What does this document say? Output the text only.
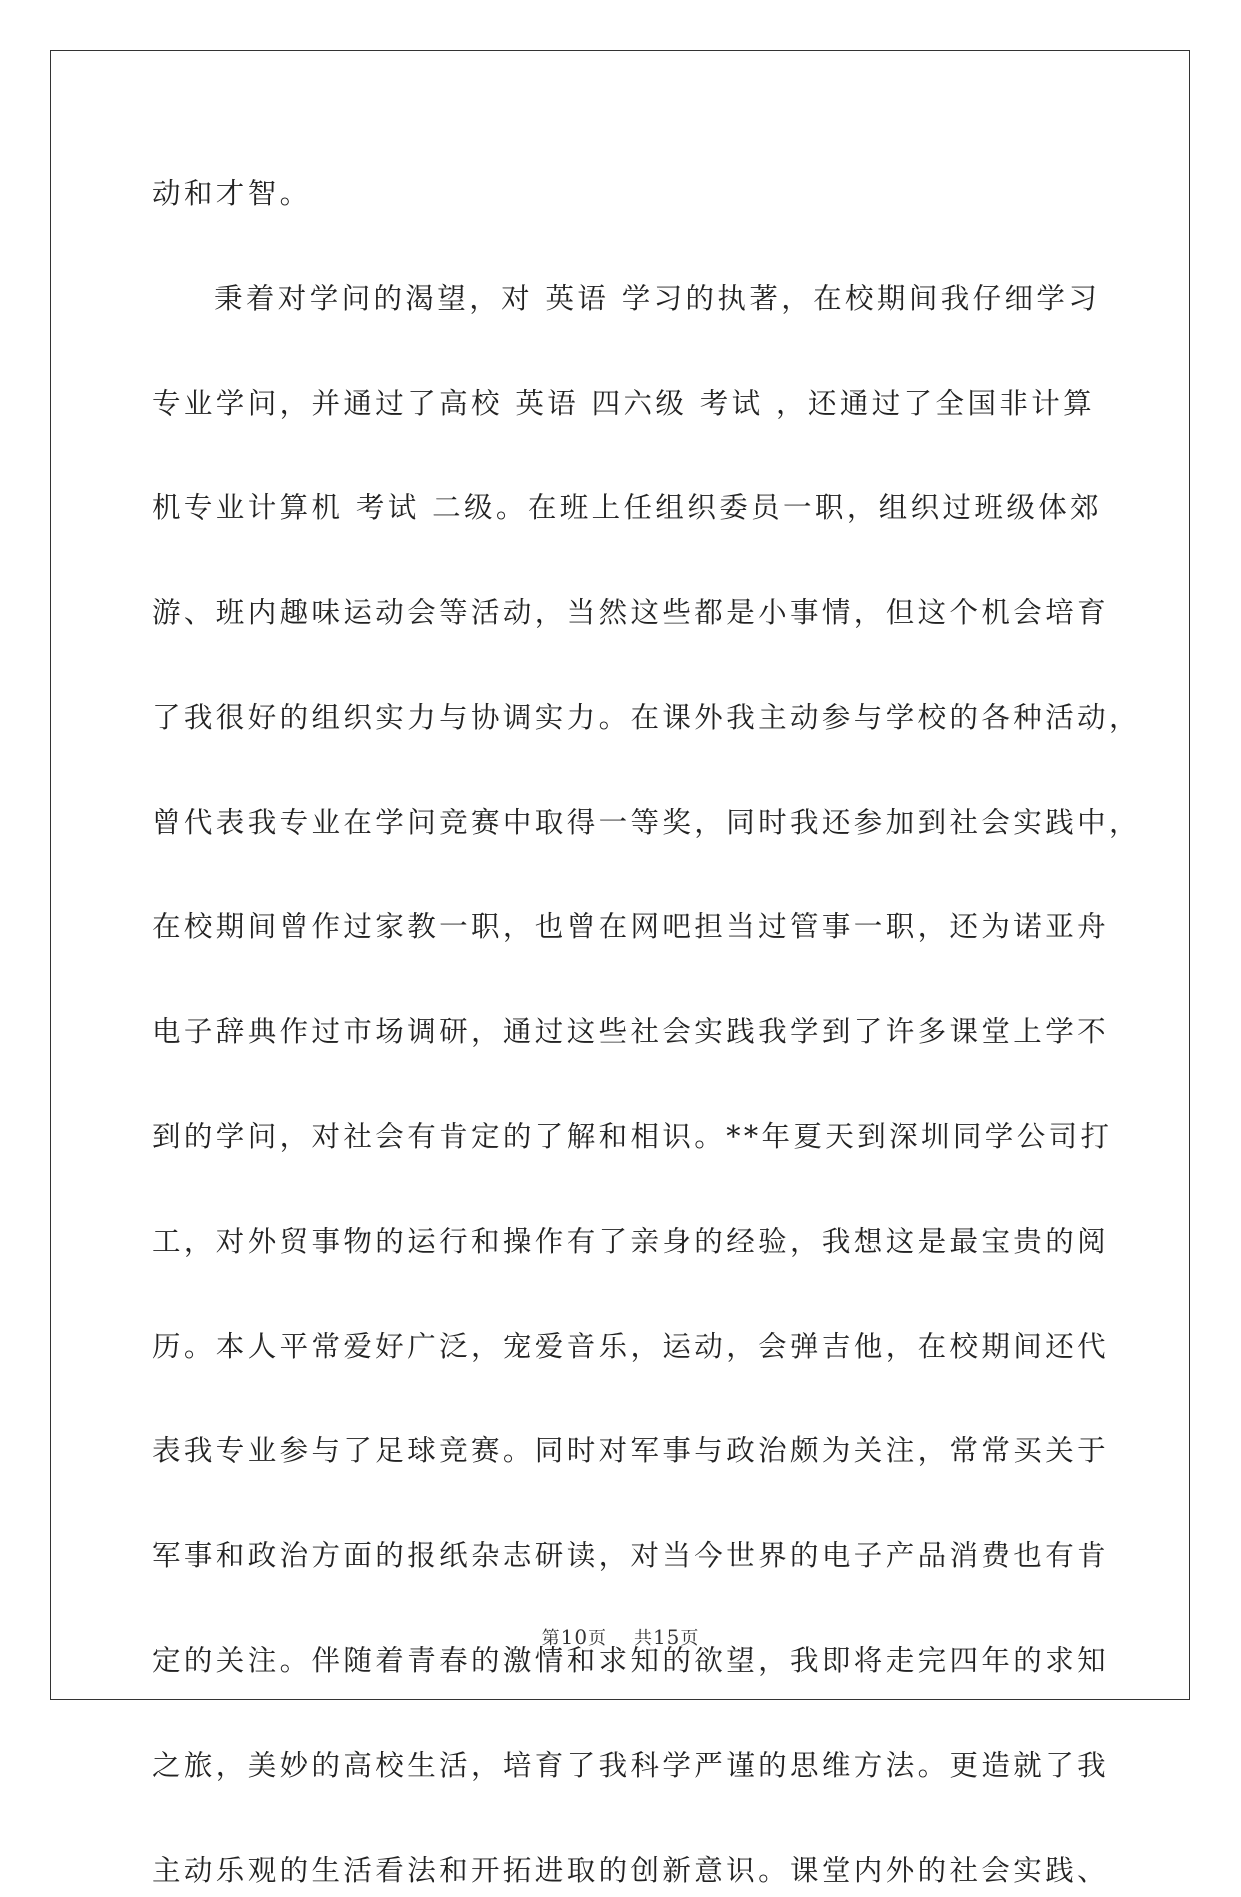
动和才智。
秉着对学问的渴望，对 英语 学习的执著，在校期间我仔细学习
专业学问，并通过了高校 英语 四六级 考试 ，还通过了全国非计算
机专业计算机 考试 二级。在班上任组织委员一职，组织过班级体郊
游、班内趣味运动会等活动，当然这些都是小事情，但这个机会培育
了我很好的组织实力与协调实力。在课外我主动参与学校的各种活动，
曾代表我专业在学问竞赛中取得一等奖，同时我还参加到社会实践中，
在校期间曾作过家教一职，也曾在网吧担当过管事一职，还为诺亚舟
电子辞典作过市场调研，通过这些社会实践我学到了许多课堂上学不
到的学问，对社会有肯定的了解和相识。**年夏天到深圳同学公司打
工，对外贸事物的运行和操作有了亲身的经验，我想这是最宝贵的阅
历。本人平常爱好广泛，宠爱音乐，运动，会弹吉他，在校期间还代
表我专业参与了足球竞赛。同时对军事与政治颇为关注，常常买关于
军事和政治方面的报纸杂志研读，对当今世界的电子产品消费也有肯
定的关注。伴随着青春的激情和求知的欲望，我即将走完四年的求知
之旅，美妙的高校生活，培育了我科学严谨的思维方法。更造就了我
主动乐观的生活看法和开拓进取的创新意识。课堂内外的社会实践、
第10页 共15页
